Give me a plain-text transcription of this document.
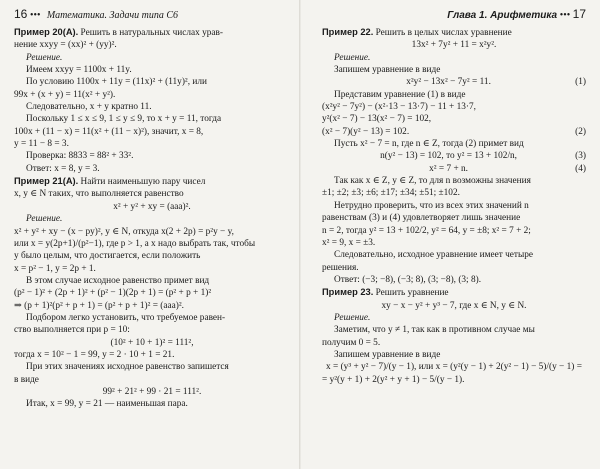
16 ••• Математика. Задачи типа С6
Пример 20(А). Решить в натуральных числах урав-
нение xxyy = (xx)² + (yy)².
Решение.
Имеем xxyy = 1100x + 11y.
По условию 1100x + 11y = (11x)² + (11y)², или
99x + (x + y) = 11(x² + y²).
Следовательно, x + y кратно 11.
Поскольку 1 ≤ x ≤ 9, 1 ≤ y ≤ 9, то x + y = 11, тогда
100x + (11 − x) = 11(x² + (11 − x)²), значит, x = 8,
y = 11 − 8 = 3.
Проверка: 8833 = 88² + 33².
Ответ: x = 8, y = 3.
Пример 21(А). Найти наименьшую пару чисел
x, y ∈ N таких, что выполняется равенство
x² + y² + xy = (aaa)².
Решение.
x² + y² + xy − (x − py)², y ∈ N, откуда x(2 + 2p) = p²y − y,
или x = y(2p+1)/(p²−1), где p > 1, а x надо выбрать так, чтобы
y было целым, что достигается, если положить
x = p² − 1, y = 2p + 1.
В этом случае исходное равенство примет вид
(p² − 1)² + (2p + 1)² + (p² − 1)(2p + 1) = (p² + p + 1)²
⇒ (p + 1)²(p² + p + 1) = (p² + p + 1)² = (aaa)².
Подбором легко установить, что требуемое равен-
ство выполняется при p = 10:
(10² + 10 + 1)² = 111²,
тогда x = 10² − 1 = 99, y = 2 · 10 + 1 = 21.
При этих значениях исходное равенство запишется
в виде
99² + 21² + 99 · 21 = 111².
Итак, x = 99, y = 21 — наименьшая пара.
Глава 1. Арифметика ••• 17
Пример 22. Решить в целых числах уравнение
13x² + 7y² + 11 = x²y².
Решение.
Запишем уравнение в виде
(1)
x²y² − 13x² − 7y² = 11.
Представим уравнение (1) в виде
(x²y² − 7y²) − (x²·13 − 13·7) − 11 + 13·7,
y²(x² − 7) − 13(x² − 7) = 102,
(2)
(x² − 7)(y² − 13) = 102.
Пусть x² − 7 = n, где n ∈ Z, тогда (2) примет вид
(3)
n(y² − 13) = 102, то y² = 13 + 102/n,
(4)
x² = 7 + n.
Так как x ∈ Z, y ∈ Z, то для n возможны значения
±1; ±2; ±3; ±6; ±17; ±34; ±51; ±102.
Нетрудно проверить, что из всех этих значений n
равенствам (3) и (4) удовлетворяет лишь значение
n = 2, тогда y² = 13 + 102/2, y² = 64, y = ±8; x² = 7 + 2;
x² = 9, x = ±3.
Следовательно, исходное уравнение имеет четыре
решения.
Ответ: (−3; −8), (−3; 8), (3; −8), (3; 8).
Пример 23. Решить уравнение
xy − x − y² + y³ − 7, где x ∈ N, y ∈ N.
Решение.
Заметим, что y ≠ 1, так как в противном случае мы
получим 0 = 5.
Запишем уравнение в виде
x = (y³ + y² − 7)/(y − 1), или x = (y²(y − 1) + 2(y² − 1) − 5)/(y − 1) =
= y²(y + 1) + 2(y² + y + 1) − 5/(y − 1).
